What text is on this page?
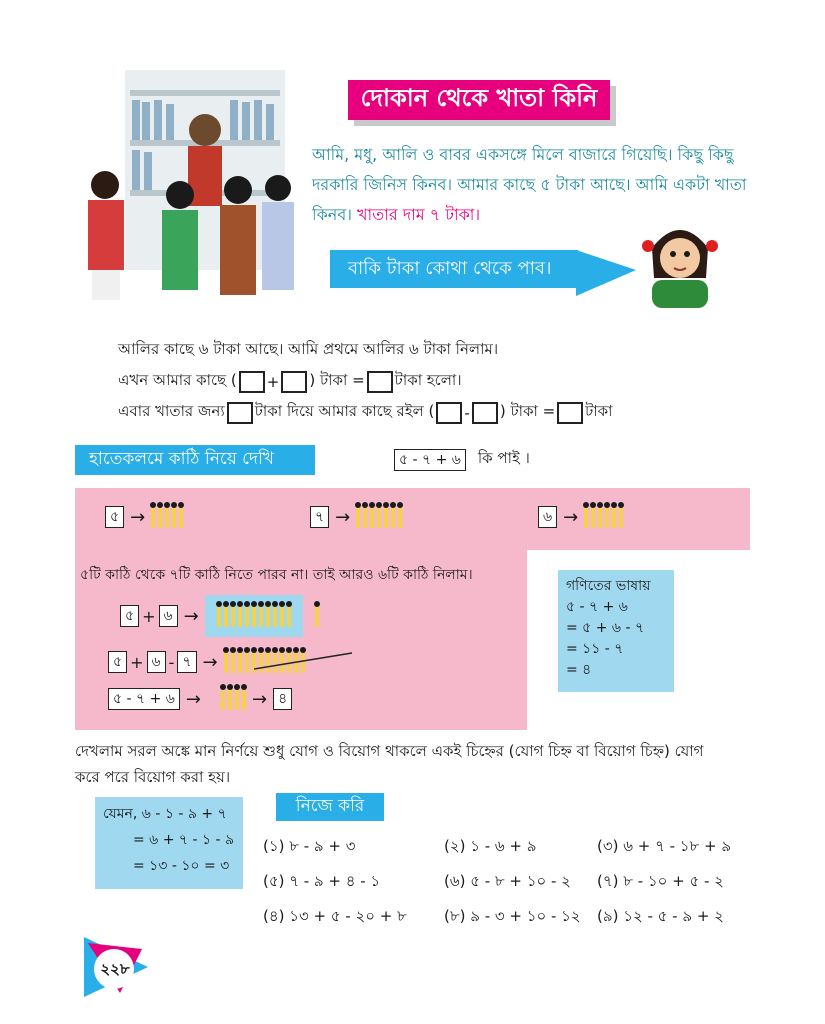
দোকান থেকে খাতা কিনি
আমি, মধু, আলি ও বাবর একসঙ্গে মিলে বাজারে গিয়েছি। কিছু কিছু
দরকারি জিনিস কিনব। আমার কাছে ৫ টাকা আছে। আমি একটা খাতা
কিনব। খাতার দাম ৭ টাকা।
বাকি টাকা কোথা থেকে পাব।
আলির কাছে ৬ টাকা আছে। আমি প্রথমে আলির ৬ টাকা নিলাম।
এখন আমার কাছে ( + ) টাকা = টাকা হলো।
এবার খাতার জন্য টাকা দিয়ে আমার কাছে রইল ( - ) টাকা = টাকা
হাতেকলমে কাঠি নিয়ে দেখি	৫ - ৭ + ৬	কি পাই ।
৫ →	৭ →	৬ →
৫টি কাঠি থেকে ৭টি কাঠি নিতে পারব না। তাই আরও ৬টি কাঠি নিলাম।
৫ + ৬ →
৫ + ৬ - ৭ →
৫ - ৭ + ৬ →	→ ৪
গণিতের ভাষায়
৫ - ৭ + ৬
= ৫ + ৬ - ৭
= ১১ - ৭
= ৪
দেখলাম সরল অঙ্কে মান নির্ণয়ে শুধু যোগ ও বিয়োগ থাকলে একই চিহ্নের (যোগ চিহ্ন বা বিয়োগ চিহ্ন) যোগ
করে পরে বিয়োগ করা হয়।
যেমন, ৬ - ১ - ৯ + ৭
= ৬ + ৭ - ১ - ৯
= ১৩ - ১০ = ৩
নিজে করি
(১) ৮ - ৯ + ৩	(২) ১ - ৬ + ৯	(৩) ৬ + ৭ - ১৮ + ৯
(৫) ৭ - ৯ + ৪ - ১	(৬) ৫ - ৮ + ১০ - ২ (৭) ৮ - ১০ + ৫ - ২
(৪) ১৩ + ৫ - ২০ + ৮ (৮) ৯ - ৩ + ১০ - ১২ (৯) ১২ - ৫ - ৯ + ২
২২৮
